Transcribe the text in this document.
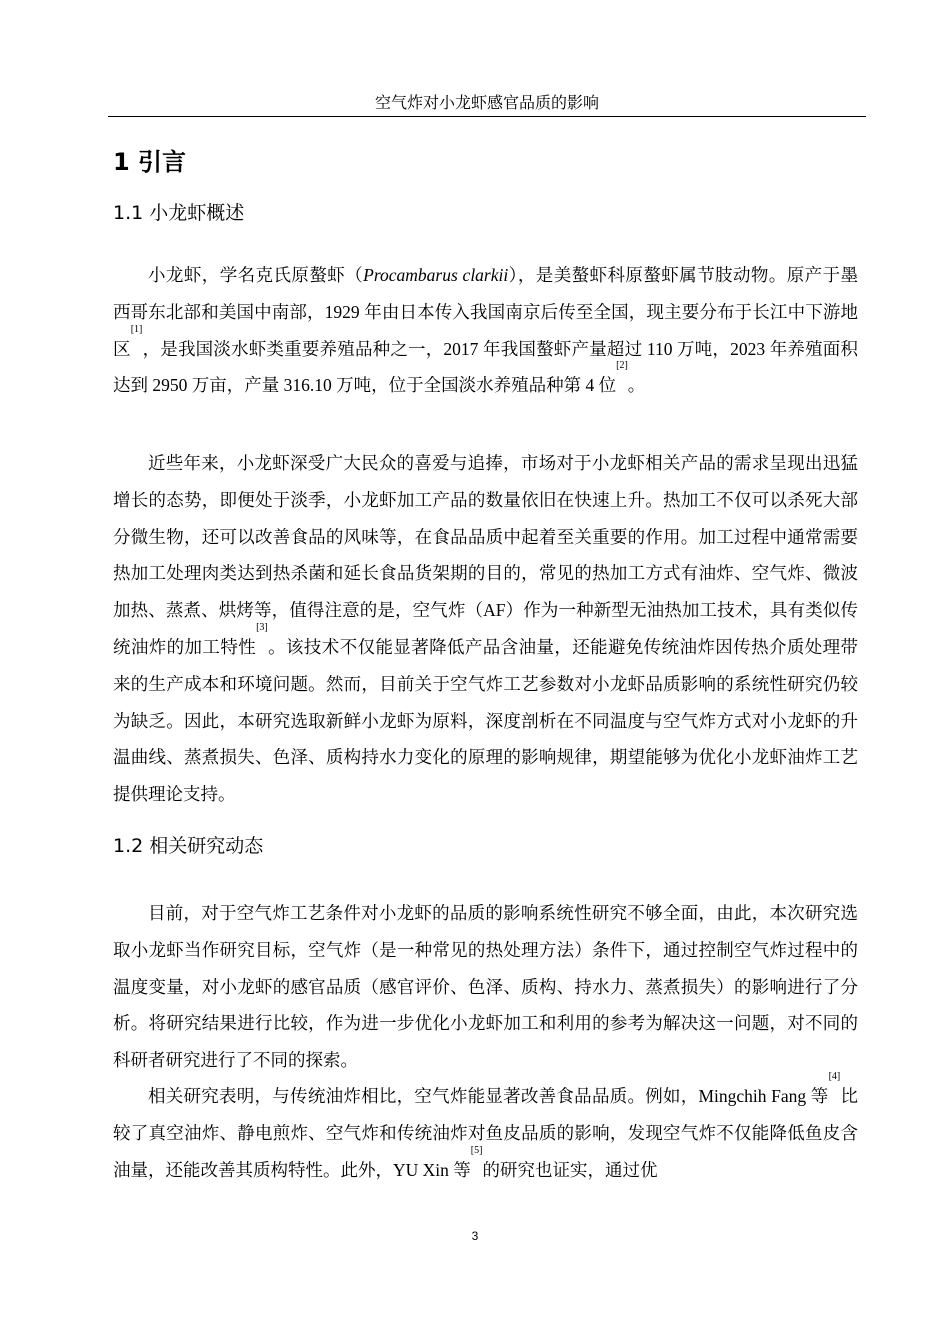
空气炸对小龙虾感官品质的影响
1 引言
1.1 小龙虾概述

小龙虾，学名克氏原螯虾（Procambarus clarkii），是美螯虾科原螯虾属节肢动物。原产于墨西哥东北部和美国中南部，1929 年由日本传入我国南京后传至全国，现主要分布于长江中下游地区[1]，是我国淡水虾类重要养殖品种之一，2017 年我国螯虾产量超过 110 万吨，2023 年养殖面积达到 2950 万亩，产量 316.10 万吨，位于全国淡水养殖品种第 4 位[2]。

近些年来，小龙虾深受广大民众的喜爱与追捧，市场对于小龙虾相关产品的需求呈现出迅猛增长的态势，即便处于淡季，小龙虾加工产品的数量依旧在快速上升。热加工不仅可以杀死大部分微生物，还可以改善食品的风味等，在食品品质中起着至关重要的作用。加工过程中通常需要热加工处理肉类达到热杀菌和延长食品货架期的目的，常见的热加工方式有油炸、空气炸、微波加热、蒸煮、烘烤等，值得注意的是，空气炸（AF）作为一种新型无油热加工技术，具有类似传统油炸的加工特性[3]。该技术不仅能显著降低产品含油量，还能避免传统油炸因传热介质处理带来的生产成本和环境问题。然而，目前关于空气炸工艺参数对小龙虾品质影响的系统性研究仍较为缺乏。因此，本研究选取新鲜小龙虾为原料，深度剖析在不同温度与空气炸方式对小龙虾的升温曲线、蒸煮损失、色泽、质构持水力变化的原理的影响规律，期望能够为优化小龙虾油炸工艺提供理论支持。

1.2 相关研究动态

目前，对于空气炸工艺条件对小龙虾的品质的影响系统性研究不够全面，由此，本次研究选取小龙虾当作研究目标，空气炸（是一种常见的热处理方法）条件下，通过控制空气炸过程中的温度变量，对小龙虾的感官品质（感官评价、色泽、质构、持水力、蒸煮损失）的影响进行了分析。将研究结果进行比较，作为进一步优化小龙虾加工和利用的参考为解决这一问题，对不同的科研者研究进行了不同的探索。

相关研究表明，与传统油炸相比，空气炸能显著改善食品品质。例如，Mingchih Fang 等[4]比较了真空油炸、静电煎炸、空气炸和传统油炸对鱼皮品质的影响，发现空气炸不仅能降低鱼皮含油量，还能改善其质构特性。此外，YU Xin 等[5]的研究也证实，通过优

3
